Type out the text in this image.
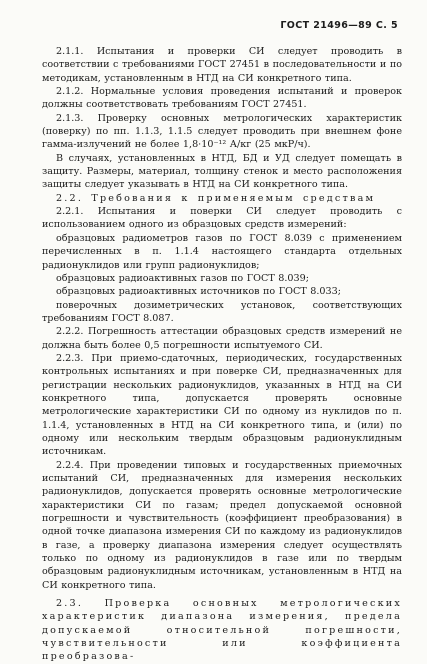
ГОСТ 21496—89 С. 5

2.1.1. Испытания и проверки СИ следует проводить в соответствии с требованиями ГОСТ 27451 в последовательности и по методикам, установленным в НТД на СИ конкретного типа.

2.1.2. Нормальные условия проведения испытаний и проверок должны соответствовать требованиям ГОСТ 27451.

2.1.3. Проверку основных метрологических характеристик (поверку) по пп. 1.1.3, 1.1.5 следует проводить при внешнем фоне гамма-излучений не более 1,8·10⁻¹² А/кг (25 мкР/ч).

В случаях, установленных в НТД, БД и УД следует помещать в защиту. Размеры, материал, толщину стенок и место расположения защиты следует указывать в НТД на СИ конкретного типа.

2.2. Требования к применяемым средствам

2.2.1. Испытания и поверки СИ следует проводить с использованием одного из образцовых средств измерений:

образцовых радиометров газов по ГОСТ 8.039 с применением перечисленных в п. 1.1.4 настоящего стандарта отдельных радионуклидов или групп радионуклидов;

образцовых радиоактивных газов по ГОСТ 8.039;

образцовых радиоактивных источников по ГОСТ 8.033;

поверочных дозиметрических установок, соответствующих требованиям ГОСТ 8.087.

2.2.2. Погрешность аттестации образцовых средств измерений не должна быть более 0,5 погрешности испытуемого СИ.

2.2.3. При приемо-сдаточных, периодических, государственных контрольных испытаниях и при поверке СИ, предназначенных для регистрации нескольких радионуклидов, указанных в НТД на СИ конкретного типа, допускается проверять основные метрологические характеристики СИ по одному из нуклидов по п. 1.1.4, установленных в НТД на СИ конкретного типа, и (или) по одному или нескольким твердым образцовым радионуклидным источникам.

2.2.4. При проведении типовых и государственных приемочных испытаний СИ, предназначенных для измерения нескольких радионуклидов, допускается проверять основные метрологические характеристики СИ по газам; предел допускаемой основной погрешности и чувствительность (коэффициент преобразования) в одной точке диапазона измерения СИ по каждому из радионуклидов в газе, а проверку диапазона измерения следует осуществлять только по одному из радионуклидов в газе или по твердым образцовым радионуклидным источникам, установленным в НТД на СИ конкретного типа.

2.3. Проверка основных метрологических характеристик диапазона измерения, предела допускаемой относительной погрешности, чувствительности или коэффициента преобразова-
